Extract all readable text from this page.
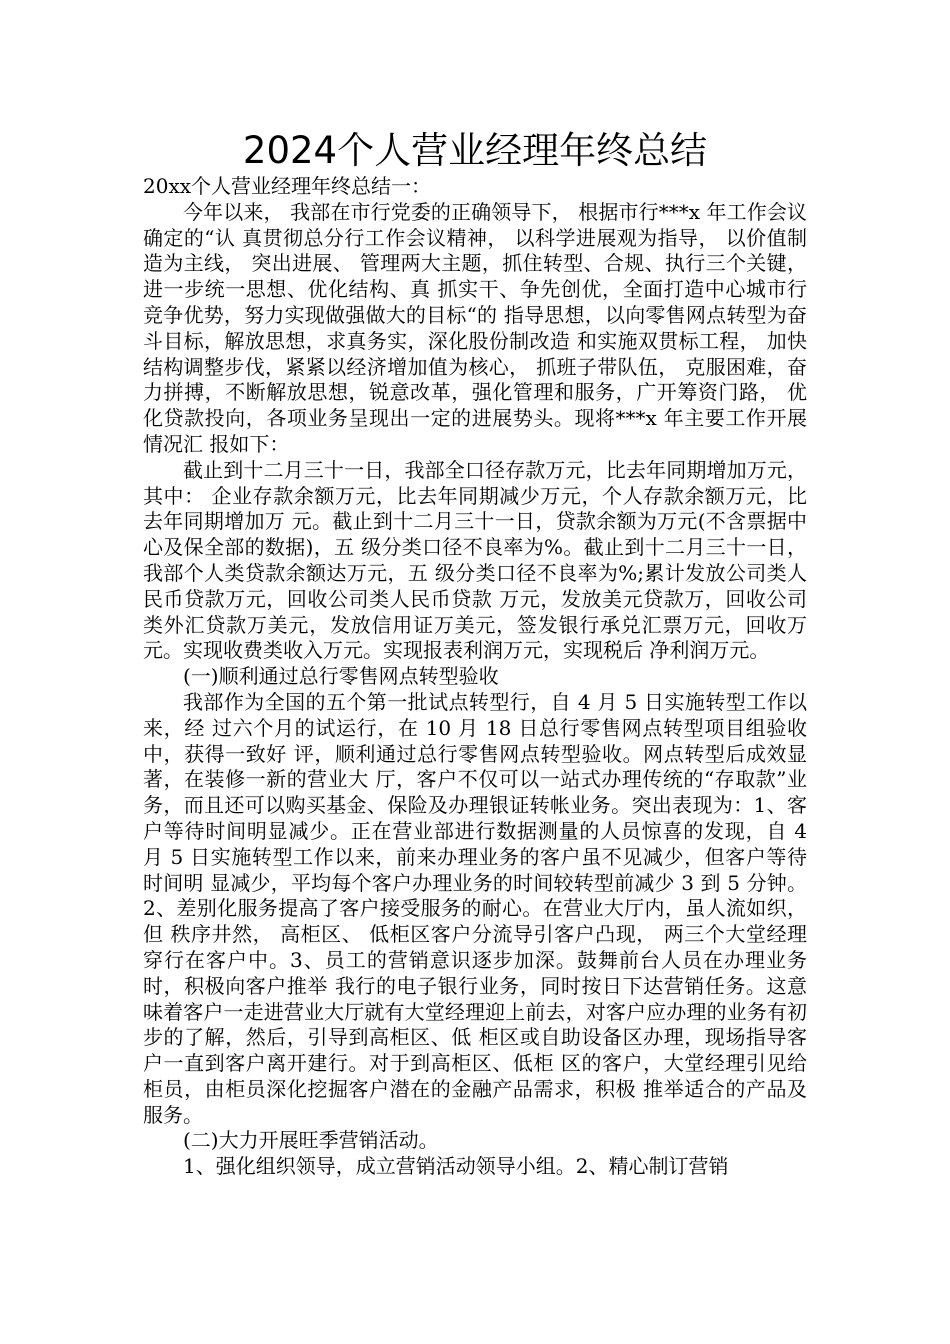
2024个人营业经理年终总结

20xx个人营业经理年终总结一：

今年以来， 我部在市行党委的正确领导下， 根据市行***x 年工作会议确定的“认 真贯彻总分行工作会议精神， 以科学进展观为指导， 以价值制造为主线， 突出进展、 管理两大主题，抓住转型、合规、执行三个关键，进一步统一思想、优化结构、真 抓实干、争先创优，全面打造中心城市行竞争优势，努力实现做强做大的目标“的 指导思想，以向零售网点转型为奋斗目标，解放思想，求真务实，深化股份制改造 和实施双贯标工程， 加快结构调整步伐，紧紧以经济增加值为核心， 抓班子带队伍， 克服困难，奋力拼搏，不断解放思想，锐意改革，强化管理和服务，广开筹资门路， 优化贷款投向，各项业务呈现出一定的进展势头。现将***x 年主要工作开展情况汇 报如下：

截止到十二月三十一日，我部全口径存款万元，比去年同期增加万元，其中： 企业存款余额万元，比去年同期减少万元，个人存款余额万元，比去年同期增加万 元。截止到十二月三十一日，贷款余额为万元(不含票据中心及保全部的数据)，五 级分类口径不良率为%。截止到十二月三十一日，我部个人类贷款余额达万元，五 级分类口径不良率为%;累计发放公司类人民币贷款万元，回收公司类人民币贷款 万元，发放美元贷款万，回收公司类外汇贷款万美元，发放信用证万美元，签发银行承兑汇票万元，回收万元。实现收费类收入万元。实现报表利润万元，实现税后 净利润万元。

(一)顺利通过总行零售网点转型验收

我部作为全国的五个第一批试点转型行，自 4 月 5 日实施转型工作以来，经 过六个月的试运行，在 10 月 18 日总行零售网点转型项目组验收中，获得一致好 评，顺利通过总行零售网点转型验收。网点转型后成效显著，在装修一新的营业大 厅，客户不仅可以一站式办理传统的“存取款”业务，而且还可以购买基金、保险及办理银证转帐业务。突出表现为：1、客户等待时间明显减少。正在营业部进行数据测量的人员惊喜的发现，自 4 月 5 日实施转型工作以来，前来办理业务的客户虽不见减少，但客户等待时间明 显减少，平均每个客户办理业务的时间较转型前减少 3 到 5 分钟。2、差别化服务提高了客户接受服务的耐心。在营业大厅内，虽人流如织，但 秩序井然， 高柜区、 低柜区客户分流导引客户凸现， 两三个大堂经理穿行在客户中。3、员工的营销意识逐步加深。鼓舞前台人员在办理业务时，积极向客户推举 我行的电子银行业务，同时按日下达营销任务。这意味着客户一走进营业大厅就有大堂经理迎上前去，对客户应办理的业务有初步的了解，然后，引导到高柜区、低 柜区或自助设备区办理，现场指导客户一直到客户离开建行。对于到高柜区、低柜 区的客户，大堂经理引见给柜员，由柜员深化挖掘客户潜在的金融产品需求，积极 推举适合的产品及服务。

(二)大力开展旺季营销活动。

1、强化组织领导，成立营销活动领导小组。2、精心制订营销
